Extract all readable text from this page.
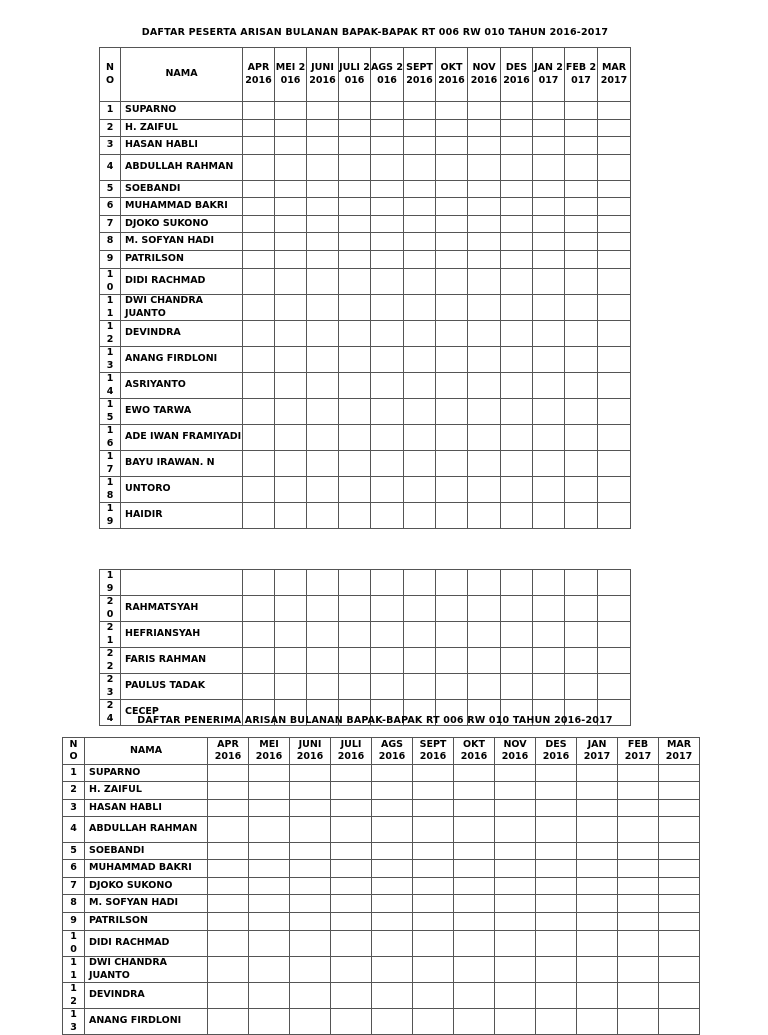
DAFTAR PESERTA ARISAN BULANAN BAPAK-BAPAK RT 006 RW 010 TAHUN 2016-2017
NO	NAMA	APR 2016	MEI 2016	JUNI 2016	JULI 2016	AGS 2016	SEPT 2016	OKT 2016	NOV 2016	DES 2016	JAN 2017	FEB 2017	MAR 2017
1	SUPARNO												
2	H. ZAIFUL												
3	HASAN HABLI												
4	ABDULLAH RAHMAN												
5	SOEBANDI												
6	MUHAMMAD BAKRI												
7	DJOKO SUKONO												
8	M. SOFYAN HADI												
9	PATRILSON												
10	DIDI RACHMAD												
11	DWI CHANDRA JUANTO												
12	DEVINDRA												
13	ANANG FIRDLONI												
14	ASRIYANTO												
15	EWO TARWA												
16	ADE IWAN FRAMIYADI												
17	BAYU IRAWAN. N												
18	UNTORO												
19	HAIDIR												
19													
20	RAHMATSYAH												
21	HEFRIANSYAH												
22	FARIS RAHMAN												
23	PAULUS TADAK												
24	CECEP												
DAFTAR PENERIMA ARISAN BULANAN BAPAK-BAPAK RT 006 RW 010 TAHUN 2016-2017
NO	NAMA	APR 2016	MEI 2016	JUNI 2016	JULI 2016	AGS 2016	SEPT 2016	OKT 2016	NOV 2016	DES 2016	JAN 2017	FEB 2017	MAR 2017
1	SUPARNO												
2	H. ZAIFUL												
3	HASAN HABLI												
4	ABDULLAH RAHMAN												
5	SOEBANDI												
6	MUHAMMAD BAKRI												
7	DJOKO SUKONO												
8	M. SOFYAN HADI												
9	PATRILSON												
10	DIDI RACHMAD												
11	DWI CHANDRA JUANTO												
12	DEVINDRA												
13	ANANG FIRDLONI												
